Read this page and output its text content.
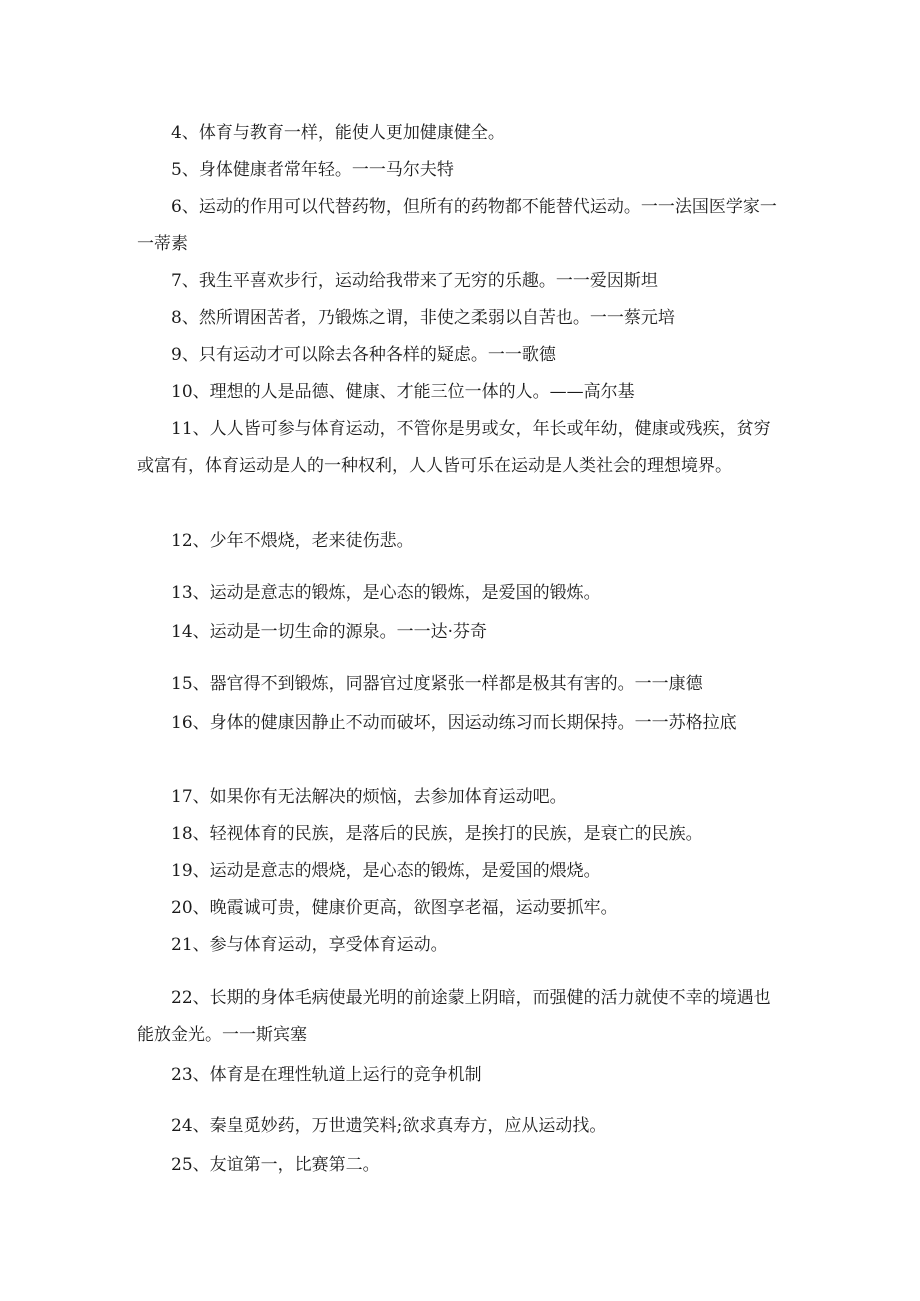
4、体育与教育一样，能使人更加健康健全。

5、身体健康者常年轻。一一马尔夫特

6、运动的作用可以代替药物，但所有的药物都不能替代运动。一一法国医学家一一蒂素

7、我生平喜欢步行，运动给我带来了无穷的乐趣。一一爱因斯坦

8、然所谓困苦者，乃锻炼之谓，非使之柔弱以自苦也。一一蔡元培

9、只有运动才可以除去各种各样的疑虑。一一歌德

10、理想的人是品德、健康、才能三位一体的人。——高尔基

11、人人皆可参与体育运动，不管你是男或女，年长或年幼，健康或残疾，贫穷或富有，体育运动是人的一种权利，人人皆可乐在运动是人类社会的理想境界。

12、少年不煨烧，老来徒伤悲。

13、运动是意志的锻炼，是心态的锻炼，是爱国的锻炼。

14、运动是一切生命的源泉。一一达·芬奇

15、器官得不到锻炼，同器官过度紧张一样都是极其有害的。一一康德

16、身体的健康因静止不动而破坏，因运动练习而长期保持。一一苏格拉底

17、如果你有无法解决的烦恼，去参加体育运动吧。

18、轻视体育的民族，是落后的民族，是挨打的民族，是衰亡的民族。

19、运动是意志的煨烧，是心态的锻炼，是爱国的煨烧。

20、晚霞诚可贵，健康价更高，欲图享老福，运动要抓牢。

21、参与体育运动，享受体育运动。

22、长期的身体毛病使最光明的前途蒙上阴暗，而强健的活力就使不幸的境遇也能放金光。一一斯宾塞

23、体育是在理性轨道上运行的竞争机制

24、秦皇觅妙药，万世遗笑料;欲求真寿方，应从运动找。

25、友谊第一，比赛第二。
